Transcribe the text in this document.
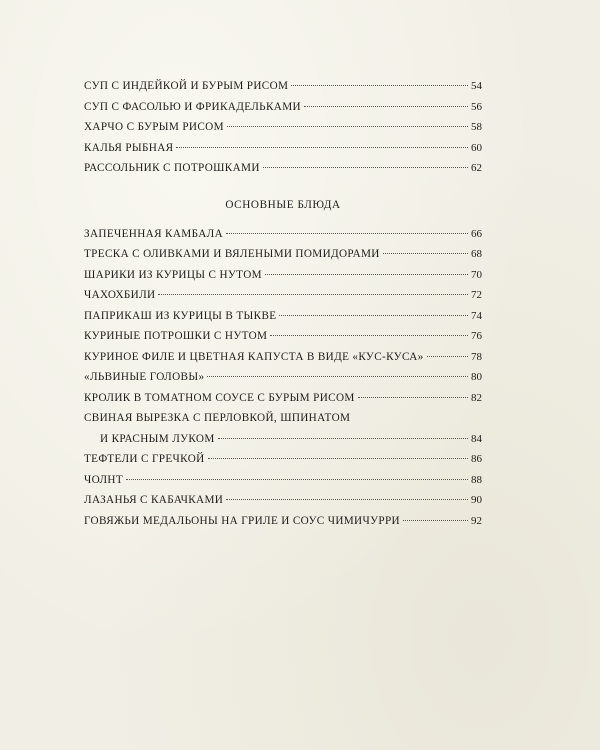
СУП С ИНДЕЙКОЙ И БУРЫМ РИСОМ	54
СУП С ФАСОЛЬЮ И ФРИКАДЕЛЬКАМИ	56
ХАРЧО С БУРЫМ РИСОМ	58
КАЛЬЯ РЫБНАЯ	60
РАССОЛЬНИК С ПОТРОШКАМИ	62
ОСНОВНЫЕ БЛЮДА
ЗАПЕЧЕННАЯ КАМБАЛА	66
ТРЕСКА С ОЛИВКАМИ И ВЯЛЕНЫМИ ПОМИДОРАМИ	68
ШАРИКИ ИЗ КУРИЦЫ С НУТОМ	70
ЧАХОХБИЛИ	72
ПАПРИКАШ ИЗ КУРИЦЫ В ТЫКВЕ	74
КУРИНЫЕ ПОТРОШКИ С НУТОМ	76
КУРИНОЕ ФИЛЕ И ЦВЕТНАЯ КАПУСТА В ВИДЕ «КУС-КУСА»	78
«ЛЬВИНЫЕ ГОЛОВЫ»	80
КРОЛИК В ТОМАТНОМ СОУСЕ С БУРЫМ РИСОМ	82
СВИНАЯ ВЫРЕЗКА С ПЕРЛОВКОЙ, ШПИНАТОМ
И КРАСНЫМ ЛУКОМ	84
ТЕФТЕЛИ С ГРЕЧКОЙ	86
ЧОЛНТ	88
ЛАЗАНЬЯ С КАБАЧКАМИ	90
ГОВЯЖЬИ МЕДАЛЬОНЫ НА ГРИЛЕ И СОУС ЧИМИЧУРРИ	92
